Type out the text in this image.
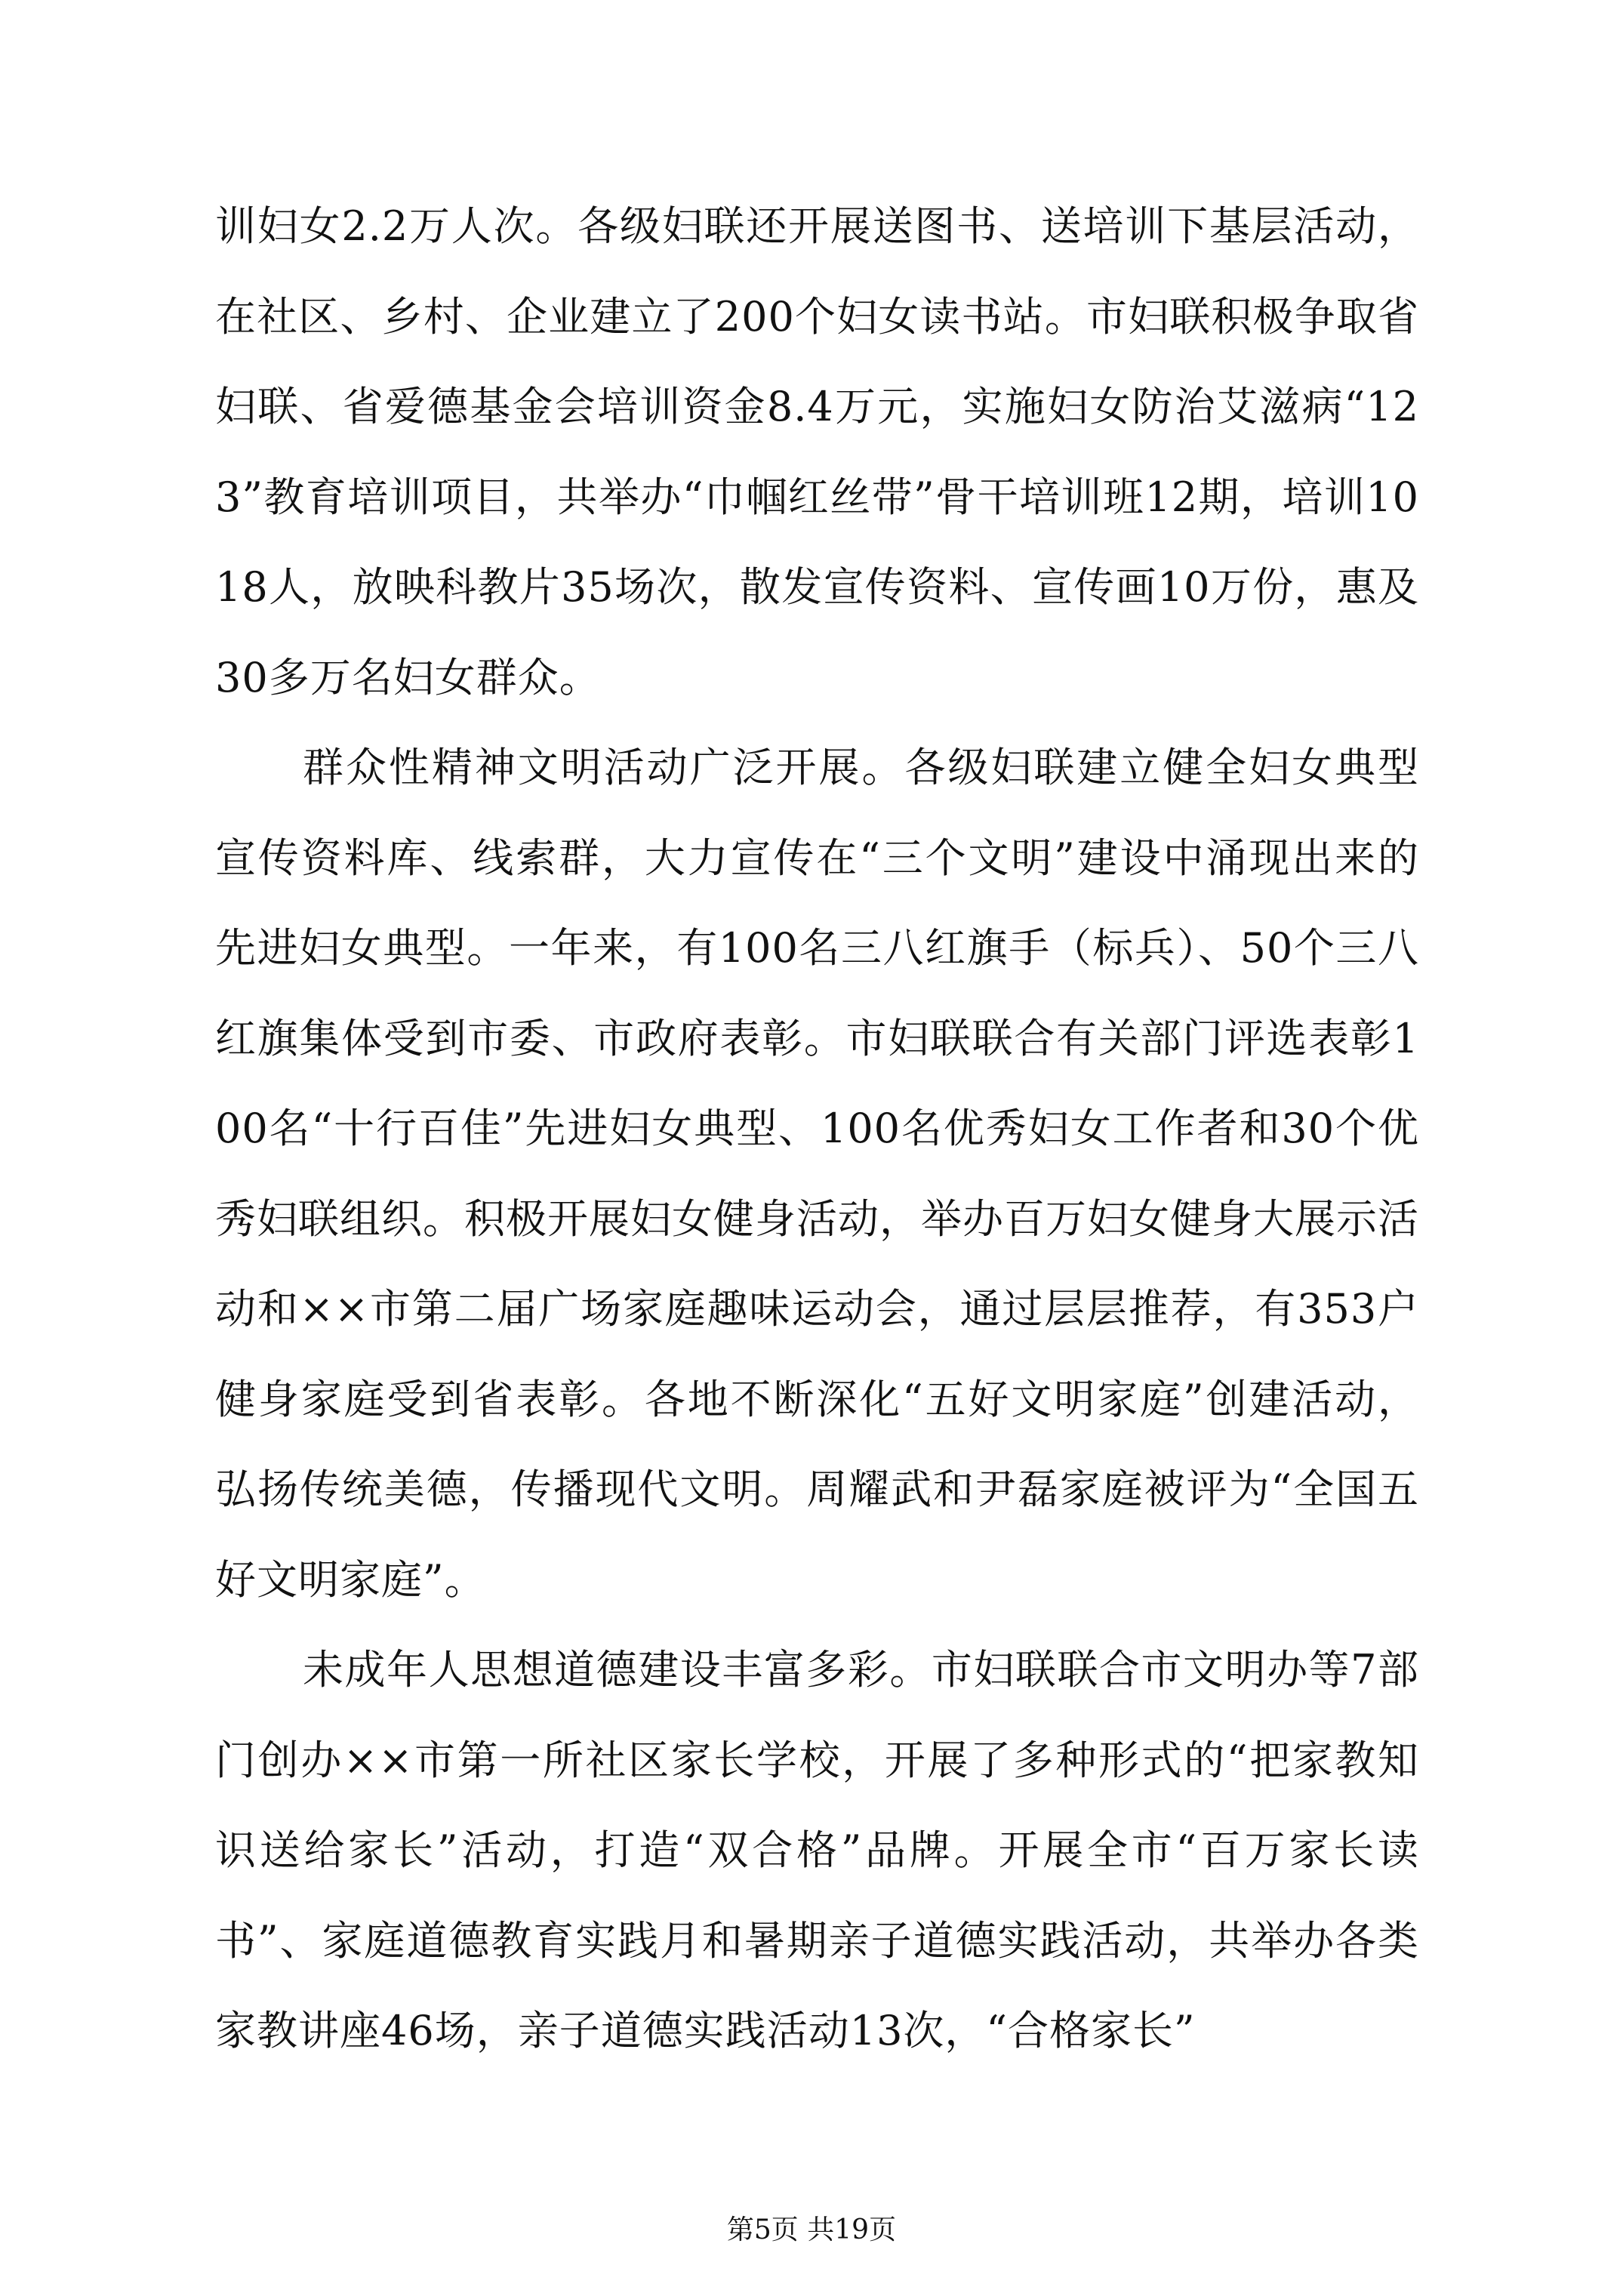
训妇女2.2万人次。各级妇联还开展送图书、送培训下基层活动，在社区、乡村、企业建立了200个妇女读书站。市妇联积极争取省妇联、省爱德基金会培训资金8.4万元，实施妇女防治艾滋病“123”教育培训项目，共举办“巾帼红丝带”骨干培训班12期，培训1018人，放映科教片35场次，散发宣传资料、宣传画10万份，惠及30多万名妇女群众。

群众性精神文明活动广泛开展。各级妇联建立健全妇女典型宣传资料库、线索群，大力宣传在“三个文明”建设中涌现出来的先进妇女典型。一年来，有100名三八红旗手（标兵）、50个三八红旗集体受到市委、市政府表彰。市妇联联合有关部门评选表彰100名“十行百佳”先进妇女典型、100名优秀妇女工作者和30个优秀妇联组织。积极开展妇女健身活动，举办百万妇女健身大展示活动和××市第二届广场家庭趣味运动会，通过层层推荐，有353户健身家庭受到省表彰。各地不断深化“五好文明家庭”创建活动，弘扬传统美德，传播现代文明。周耀武和尹磊家庭被评为“全国五好文明家庭”。

未成年人思想道德建设丰富多彩。市妇联联合市文明办等7部门创办××市第一所社区家长学校，开展了多种形式的“把家教知识送给家长”活动，打造“双合格”品牌。开展全市“百万家长读书”、家庭道德教育实践月和暑期亲子道德实践活动，共举办各类家教讲座46场，亲子道德实践活动13次，“合格家长”

第5页 共19页
